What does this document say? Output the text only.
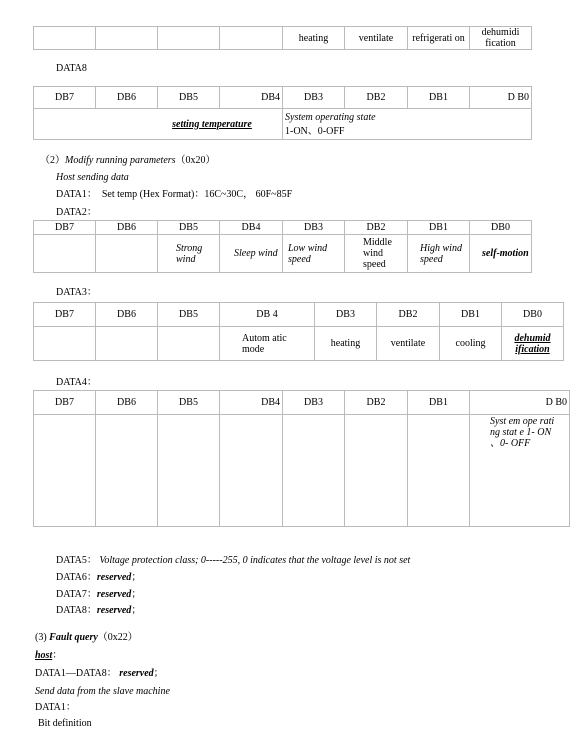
				heating	ventilate	refrigerati on	dehumidi fication
DATA8
DB7	DB6	DB5	DB4	DB3	DB2	DB1	D B0
setting temperature				System operating state
1-ON、0-OFF			
（2）Modify running parameters（0x20）
Host sending data
DATA1： Set temp (Hex Format)：16C~30C， 60F~85F
DATA2：
DB7	DB6	DB5	DB4	DB3	DB2	DB1	DB0
		Strong wind	Sleep wind	Low wind speed	Middle wind speed	High wind speed	self-motion
DATA3：
DB7	DB6	DB5	DB 4	DB3	DB2	DB1	DB0
			Autom atic mode	heating	ventilate	cooling	dehumid ification
DATA4：
DB7	DB6	DB5	DB4	DB3	DB2	DB1	D B0
							Syst em ope rati ng stat e 1- ON 、0- OFF
DATA5： Voltage protection class; 0-----255, 0 indicates that the voltage level is not set
DATA6：reserved；
DATA7：reserved；
DATA8：reserved；
(3) Fault query（0x22）
host：
DATA1—DATA8： reserved；
Send data from the slave machine
DATA1：
Bit definition
